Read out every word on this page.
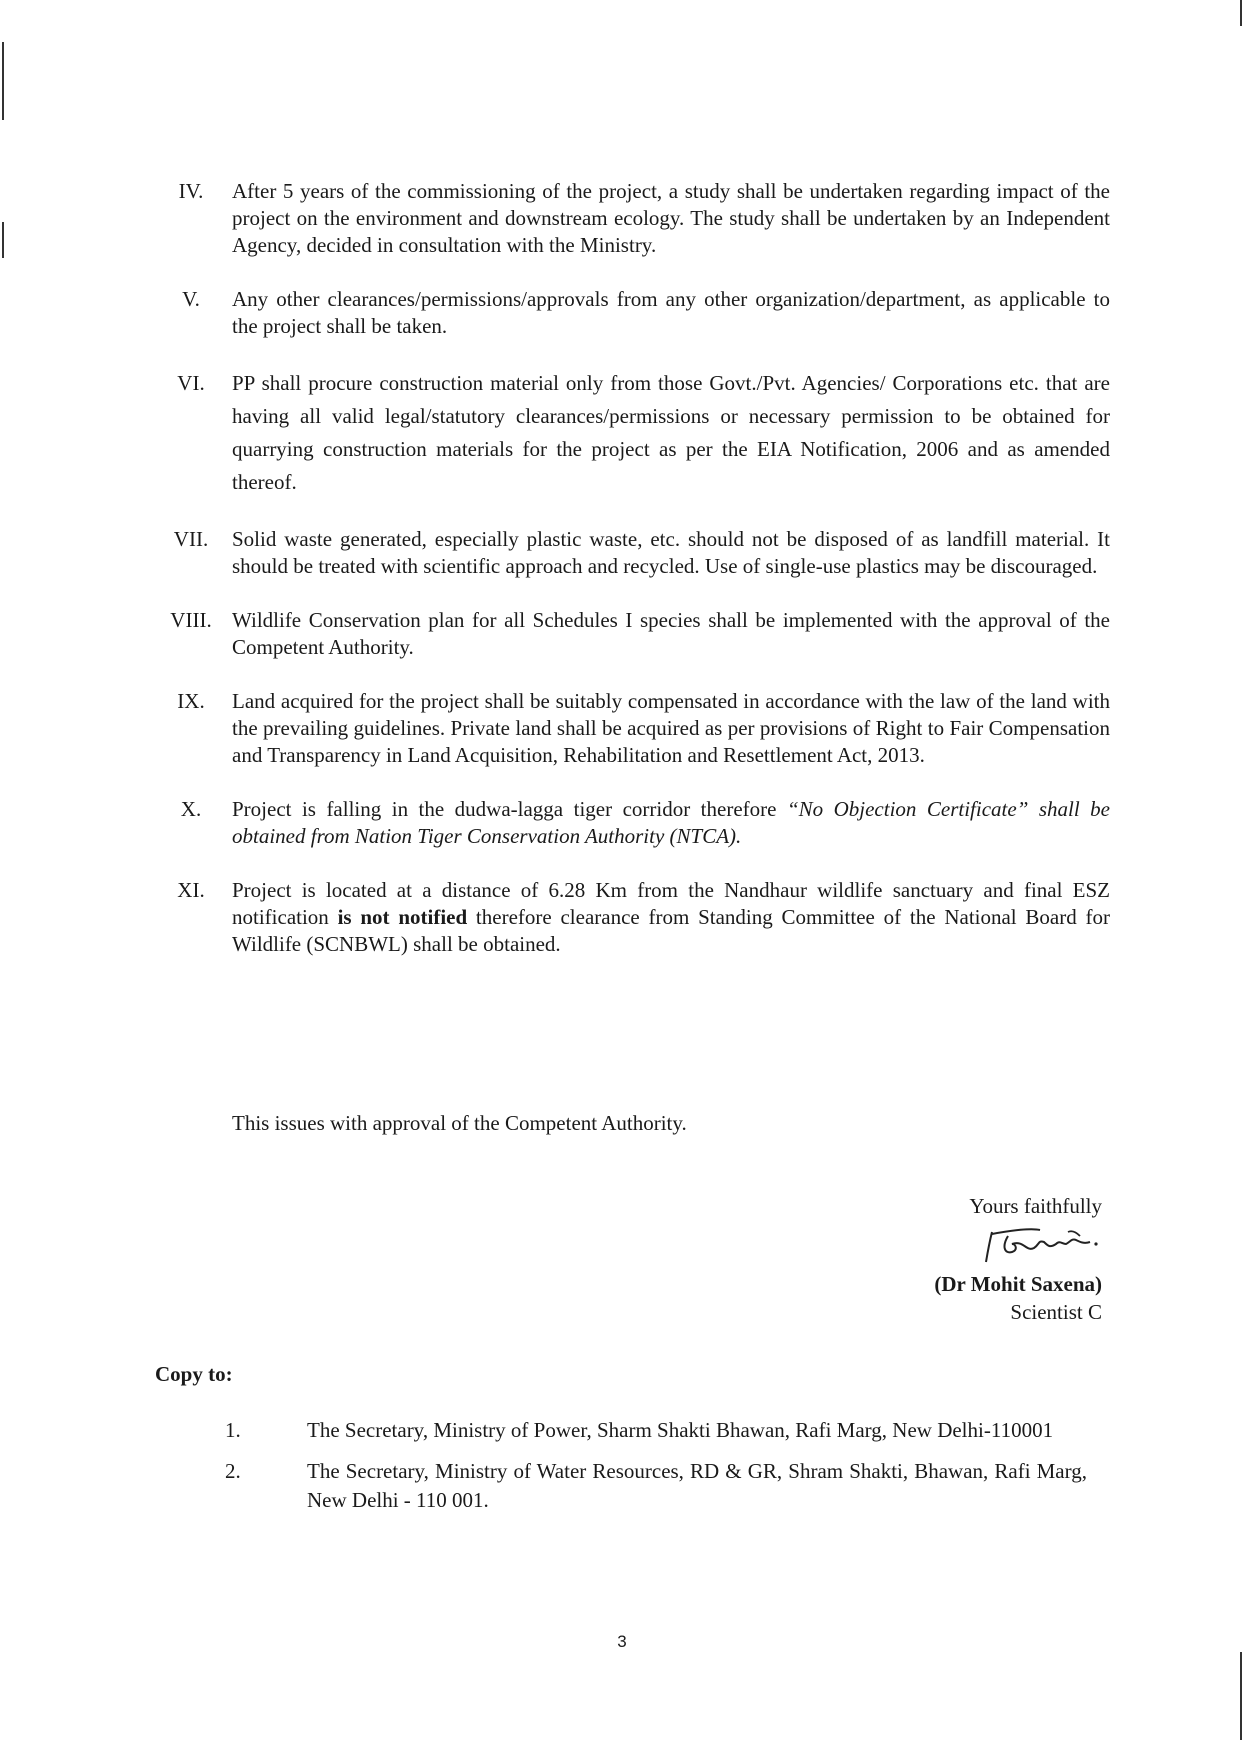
IV.	After 5 years of the commissioning of the project, a study shall be undertaken regarding impact of the project on the environment and downstream ecology. The study shall be undertaken by an Independent Agency, decided in consultation with the Ministry.
V.	Any other clearances/permissions/approvals from any other organization/department, as applicable to the project shall be taken.
VI.	PP shall procure construction material only from those Govt./Pvt. Agencies/ Corporations etc. that are having all valid legal/statutory clearances/permissions or necessary permission to be obtained for quarrying construction materials for the project as per the EIA Notification, 2006 and as amended thereof.
VII.	Solid waste generated, especially plastic waste, etc. should not be disposed of as landfill material. It should be treated with scientific approach and recycled. Use of single-use plastics may be discouraged.
VIII. Wildlife Conservation plan for all Schedules I species shall be implemented with the approval of the Competent Authority.
IX.	Land acquired for the project shall be suitably compensated in accordance with the law of the land with the prevailing guidelines. Private land shall be acquired as per provisions of Right to Fair Compensation and Transparency in Land Acquisition, Rehabilitation and Resettlement Act, 2013.
X.	Project is falling in the dudwa-lagga tiger corridor therefore “No Objection Certificate” shall be obtained from Nation Tiger Conservation Authority (NTCA).
XI.	Project is located at a distance of 6.28 Km from the Nandhaur wildlife sanctuary and final ESZ notification is not notified therefore clearance from Standing Committee of the National Board for Wildlife (SCNBWL) shall be obtained.
This issues with approval of the Competent Authority.
Yours faithfully
(Dr Mohit Saxena)
Scientist C
Copy to:
1.	The Secretary, Ministry of Power, Sharm Shakti Bhawan, Rafi Marg, New Delhi-110001
2.	The Secretary, Ministry of Water Resources, RD & GR, Shram Shakti, Bhawan, Rafi Marg, New Delhi - 110 001.
3
